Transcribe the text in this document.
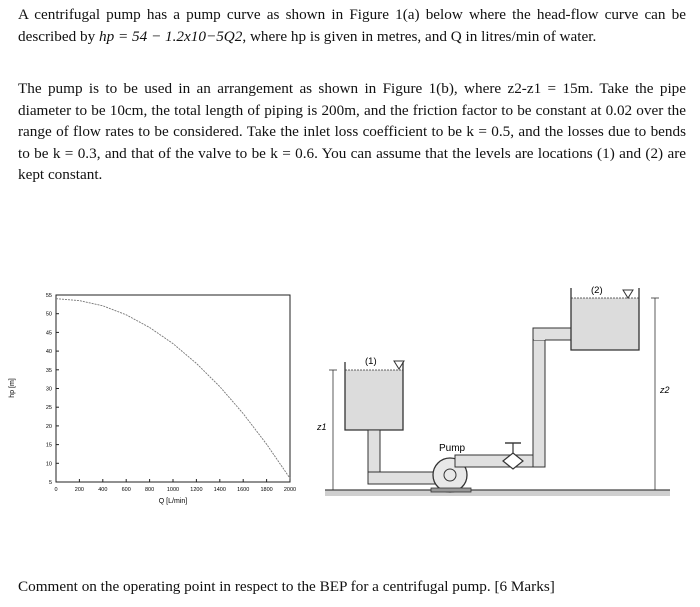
A centrifugal pump has a pump curve as shown in Figure 1(a) below where the head-flow curve can be described by hp = 54 − 1.2x10−5Q2, where hp is given in metres, and Q in litres/min of water.

The pump is to be used in an arrangement as shown in Figure 1(b), where z2-z1 = 15m. Take the pipe diameter to be 10cm, the total length of piping is 200m, and the friction factor to be constant at 0.02 over the range of flow rates to be considered. Take the inlet loss coefficient to be k = 0.5, and the losses due to bends to be k = 0.3, and that of the valve to be k = 0.6. You can assume that the levels are locations (1) and (2) are kept constant.

0	200	400	600	800 1000 1200 1400 1600 1800 2000
5
10
15
20
25
30
35
40
45
50
55
Q [L/min]
hp [m]
(1)
Pump
(2)
z1
z2

Comment on the operating point in respect to the BEP for a centrifugal pump. [6 Marks]
